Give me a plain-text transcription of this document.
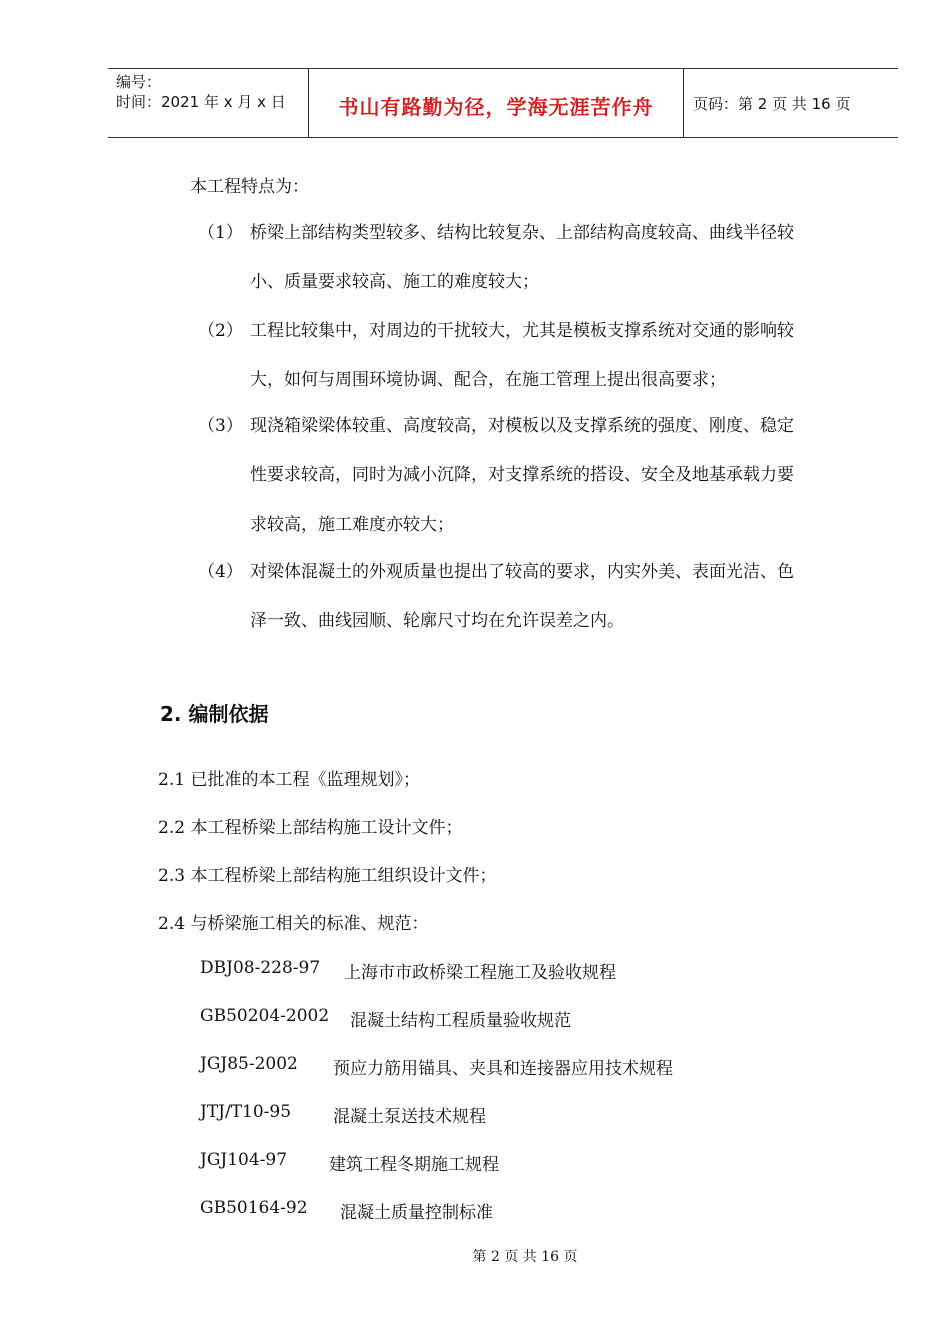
编号：
时间：2021 年 x 月 x 日	书山有路勤为径，学海无涯苦作舟	页码：第 2 页 共 16 页
本工程特点为：
（1） 桥梁上部结构类型较多、结构比较复杂、上部结构高度较高、曲线半径较
小、质量要求较高、施工的难度较大；
（2） 工程比较集中，对周边的干扰较大，尤其是模板支撑系统对交通的影响较
大，如何与周围环境协调、配合，在施工管理上提出很高要求；
（3） 现浇箱梁梁体较重、高度较高，对模板以及支撑系统的强度、刚度、稳定
性要求较高，同时为减小沉降，对支撑系统的搭设、安全及地基承载力要
求较高，施工难度亦较大；
（4） 对梁体混凝土的外观质量也提出了较高的要求，内实外美、表面光洁、色
泽一致、曲线园顺、轮廓尺寸均在允许误差之内。
2. 编制依据
2.1 已批准的本工程《监理规划》；
2.2 本工程桥梁上部结构施工设计文件；
2.3 本工程桥梁上部结构施工组织设计文件；
2.4 与桥梁施工相关的标准、规范：
DBJ08-228-97 上海市市政桥梁工程施工及验收规程
GB50204-2002 混凝土结构工程质量验收规范
JGJ85-2002 预应力筋用锚具、夹具和连接器应用技术规程
JTJ/T10-95 混凝土泵送技术规程
JGJ104-97 建筑工程冬期施工规程
GB50164-92 混凝土质量控制标准
第 2 页 共 16 页
